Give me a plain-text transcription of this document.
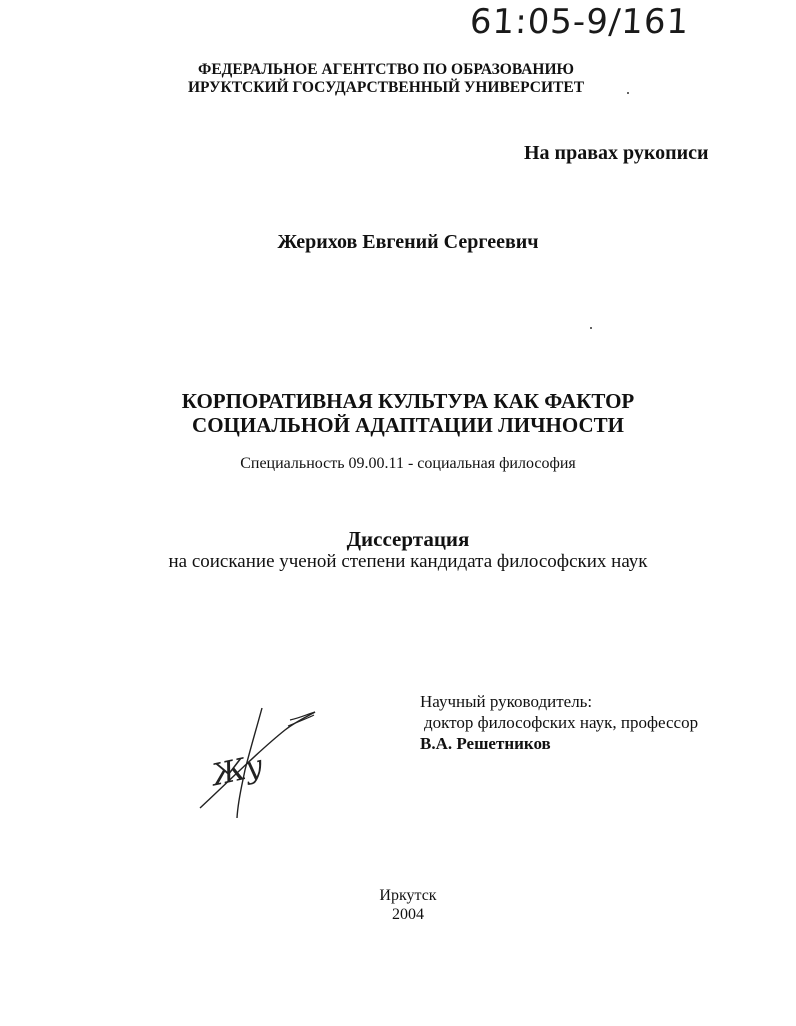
61:05-9/161
ФЕДЕРАЛЬНОЕ АГЕНТСТВО ПО ОБРАЗОВАНИЮ
ИРУКТСКИЙ ГОСУДАРСТВЕННЫЙ УНИВЕРСИТЕТ
На правах рукописи
Жерихов Евгений Сергеевич
КОРПОРАТИВНАЯ КУЛЬТУРА КАК ФАКТОР
СОЦИАЛЬНОЙ АДАПТАЦИИ ЛИЧНОСТИ
Специальность 09.00.11 - социальная философия
Диссертация
на соискание ученой степени кандидата философских наук
Жу
Научный руководитель:
доктор философских наук, профессор
В.А. Решетников
Иркутск
2004
